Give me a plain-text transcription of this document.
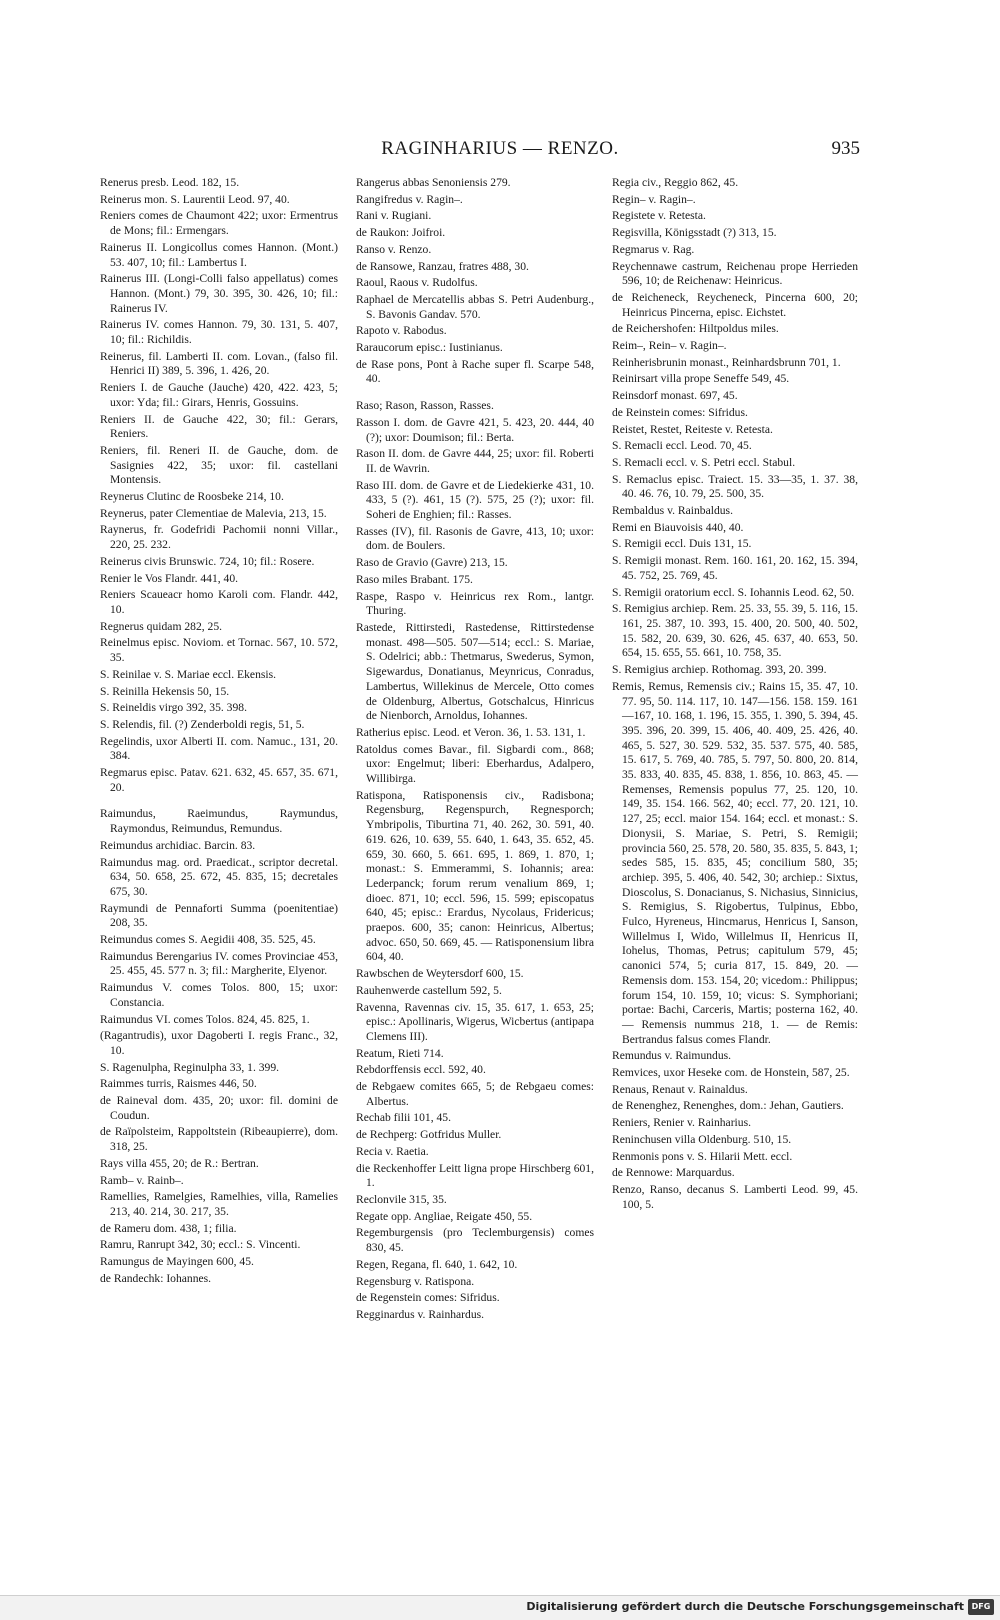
RAGINHARIUS — RENZO.	935
Renerus presb. Leod. 182, 15.
Reinerus mon. S. Laurentii Leod. 97, 40.
Reniers comes de Chaumont 422; uxor: Ermentrus de Mons; fil.: Ermengars.
Rainerus II. Longicollus comes Hannon. (Mont.) 53. 407, 10; fil.: Lambertus I.
Rainerus III. (Longi-Colli falso appellatus) comes Hannon. (Mont.) 79, 30. 395, 30. 426, 10; fil.: Rainerus IV.
Rainerus IV. comes Hannon. 79, 30. 131, 5. 407, 10; fil.: Richildis.
Reinerus, fil. Lamberti II. com. Lovan., (falso fil. Henrici II) 389, 5. 396, 1. 426, 20.
Reniers I. de Gauche (Jauche) 420, 422. 423, 5; uxor: Yda; fil.: Girars, Henris, Gossuins.
Reniers II. de Gauche 422, 30; fil.: Gerars, Reniers.
Reniers, fil. Reneri II. de Gauche, dom. de Sasignies 422, 35; uxor: fil. castellani Montensis.
Reynerus Clutinc de Roosbeke 214, 10.
Reynerus, pater Clementiae de Malevia, 213, 15.
Raynerus, fr. Godefridi Pachomii nonni Villar., 220, 25. 232.
Reinerus civis Brunswic. 724, 10; fil.: Rosere.
Renier le Vos Flandr. 441, 40.
Reniers Scaueacr homo Karoli com. Flandr. 442, 10.
Regnerus quidam 282, 25.
Reinelmus episc. Noviom. et Tornac. 567, 10. 572, 35.
S. Reinilae v. S. Mariae eccl. Ekensis.
S. Reinilla Hekensis 50, 15.
S. Reineldis virgo 392, 35. 398.
S. Relendis, fil. (?) Zenderboldi regis, 51, 5.
Regelindis, uxor Alberti II. com. Namuc., 131, 20. 384.
Regmarus episc. Patav. 621. 632, 45. 657, 35. 671, 20.
Raimundus, Raeimundus, Raymundus, Raymondus, Reimundus, Remundus.
Reimundus archidiac. Barcin. 83.
Raimundus mag. ord. Praedicat., scriptor decretal. 634, 50. 658, 25. 672, 45. 835, 15; decretales 675, 30.
Raymundi de Pennaforti Summa (poenitentiae) 208, 35.
Reimundus comes S. Aegidii 408, 35. 525, 45.
Raimundus Berengarius IV. comes Provinciae 453, 25. 455, 45. 577 n. 3; fil.: Margherite, Elyenor.
Raimundus V. comes Tolos. 800, 15; uxor: Constancia.
Raimundus VI. comes Tolos. 824, 45. 825, 1.
(Ragantrudis), uxor Dagoberti I. regis Franc., 32, 10.
S. Ragenulpha, Reginulpha 33, 1. 399.
Raimmes turris, Raismes 446, 50.
de Raineval dom. 435, 20; uxor: fil. domini de Coudun.
de Raïpolsteim, Rappoltstein (Ribeaupierre), dom. 318, 25.
Rays villa 455, 20; de R.: Bertran.
Ramb– v. Rainb–.
Ramellies, Ramelgies, Ramelhies, villa, Ramelies 213, 40. 214, 30. 217, 35.
de Rameru dom. 438, 1; filia.
Ramru, Ranrupt 342, 30; eccl.: S. Vincenti.
Ramungus de Mayingen 600, 45.
de Randechk: Iohannes.
Rangerus abbas Senoniensis 279.
Rangifredus v. Ragin–.
Rani v. Rugiani.
de Raukon: Joifroi.
Ranso v. Renzo.
de Ransowe, Ranzau, fratres 488, 30.
Raoul, Raous v. Rudolfus.
Raphael de Mercatellis abbas S. Petri Audenburg., S. Bavonis Gandav. 570.
Rapoto v. Rabodus.
Raraucorum episc.: Iustinianus.
de Rase pons, Pont à Rache super fl. Scarpe 548, 40.
Raso; Rason, Rasson, Rasses.
Rasson I. dom. de Gavre 421, 5. 423, 20. 444, 40 (?); uxor: Doumison; fil.: Berta.
Rason II. dom. de Gavre 444, 25; uxor: fil. Roberti II. de Wavrin.
Raso III. dom. de Gavre et de Liedekierke 431, 10. 433, 5 (?). 461, 15 (?). 575, 25 (?); uxor: fil. Soheri de Enghien; fil.: Rasses.
Rasses (IV), fil. Rasonis de Gavre, 413, 10; uxor: dom. de Boulers.
Raso de Gravio (Gavre) 213, 15.
Raso miles Brabant. 175.
Raspe, Raspo v. Heinricus rex Rom., lantgr. Thuring.
Rastede, Rittirstedi, Rastedense, Rittirstedense monast. 498—505. 507—514; eccl.: S. Mariae, S. Odelrici; abb.: Thetmarus, Swederus, Symon, Sigewardus, Donatianus, Meynricus, Conradus, Lambertus, Willekinus de Mercele, Otto comes de Oldenburg, Albertus, Gotschalcus, Hinricus de Nienborch, Arnoldus, Iohannes.
Ratherius episc. Leod. et Veron. 36, 1. 53. 131, 1.
Ratoldus comes Bavar., fil. Sigbardi com., 868; uxor: Engelmut; liberi: Eberhardus, Adalpero, Willibirga.
Ratispona, Ratisponensis civ., Radisbona; Regensburg, Regenspurch, Regnesporch; Ymbripolis, Tiburtina 71, 40. 262, 30. 591, 40. 619. 626, 10. 639, 55. 640, 1. 643, 35. 652, 45. 659, 30. 660, 5. 661. 695, 1. 869, 1. 870, 1; monast.: S. Emmerammi, S. Iohannis; area: Lederpanck; forum rerum venalium 869, 1; dioec. 871, 10; eccl. 596, 15. 599; episcopatus 640, 45; episc.: Erardus, Nycolaus, Fridericus; praepos. 600, 35; canon: Heinricus, Albertus; advoc. 650, 50. 669, 45. — Ratisponensium libra 604, 40.
Rawbschen de Weytersdorf 600, 15.
Rauhenwerde castellum 592, 5.
Ravenna, Ravennas civ. 15, 35. 617, 1. 653, 25; episc.: Apollinaris, Wigerus, Wicbertus (antipapa Clemens III).
Reatum, Rieti 714.
Rebdorffensis eccl. 592, 40.
de Rebgaew comites 665, 5; de Rebgaeu comes: Albertus.
Rechab filii 101, 45.
de Rechperg: Gotfridus Muller.
Recia v. Raetia.
die Reckenhoffer Leitt ligna prope Hirschberg 601, 1.
Reclonvile 315, 35.
Regate opp. Angliae, Reigate 450, 55.
Regemburgensis (pro Teclemburgensis) comes 830, 45.
Regen, Regana, fl. 640, 1. 642, 10.
Regensburg v. Ratispona.
de Regenstein comes: Sifridus.
Regginardus v. Rainhardus.
Regia civ., Reggio 862, 45.
Regin– v. Ragin–.
Registete v. Retesta.
Regisvilla, Königsstadt (?) 313, 15.
Regmarus v. Rag.
Reychennawe castrum, Reichenau prope Herrieden 596, 10; de Reichenaw: Heinricus.
de Reicheneck, Reycheneck, Pincerna 600, 20; Heinricus Pincerna, episc. Eichstet.
de Reichershofen: Hiltpoldus miles.
Reim–, Rein– v. Ragin–.
Reinherisbrunin monast., Reinhardsbrunn 701, 1.
Reinirsart villa prope Seneffe 549, 45.
Reinsdorf monast. 697, 45.
de Reinstein comes: Sifridus.
Reistet, Restet, Reiteste v. Retesta.
S. Remacli eccl. Leod. 70, 45.
S. Remacli eccl. v. S. Petri eccl. Stabul.
S. Remaclus episc. Traiect. 15. 33—35, 1. 37. 38, 40. 46. 76, 10. 79, 25. 500, 35.
Rembaldus v. Rainbaldus.
Remi en Biauvoisis 440, 40.
S. Remigii eccl. Duis 131, 15.
S. Remigii monast. Rem. 160. 161, 20. 162, 15. 394, 45. 752, 25. 769, 45.
S. Remigii oratorium eccl. S. Iohannis Leod. 62, 50.
S. Remigius archiep. Rem. 25. 33, 55. 39, 5. 116, 15. 161, 25. 387, 10. 393, 15. 400, 20. 500, 40. 502, 15. 582, 20. 639, 30. 626, 45. 637, 40. 653, 50. 654, 15. 655, 55. 661, 10. 758, 35.
S. Remigius archiep. Rothomag. 393, 20. 399.
Remis, Remus, Remensis civ.; Rains 15, 35. 47, 10. 77. 95, 50. 114. 117, 10. 147—156. 158. 159. 161—167, 10. 168, 1. 196, 15. 355, 1. 390, 5. 394, 45. 395. 396, 20. 399, 15. 406, 40. 409, 25. 426, 40. 465, 5. 527, 30. 529. 532, 35. 537. 575, 40. 585, 15. 617, 5. 769, 40. 785, 5. 797, 50. 800, 20. 814, 35. 833, 40. 835, 45. 838, 1. 856, 10. 863, 45. — Remenses, Remensis populus 77, 25. 120, 10. 149, 35. 154. 166. 562, 40; eccl. 77, 20. 121, 10. 127, 25; eccl. maior 154. 164; eccl. et monast.: S. Dionysii, S. Mariae, S. Petri, S. Remigii; provincia 560, 25. 578, 20. 580, 35. 835, 5. 843, 1; sedes 585, 15. 835, 45; concilium 580, 35; archiep. 395, 5. 406, 40. 542, 30; archiep.: Sixtus, Dioscolus, S. Donacianus, S. Nichasius, Sinnicius, S. Remigius, S. Rigobertus, Tulpinus, Ebbo, Fulco, Hyreneus, Hincmarus, Henricus I, Sanson, Willelmus I, Wido, Willelmus II, Henricus II, Iohelus, Thomas, Petrus; capitulum 579, 45; canonici 574, 5; curia 817, 15. 849, 20. — Remensis dom. 153. 154, 20; vicedom.: Philippus; forum 154, 10. 159, 10; vicus: S. Symphoriani; portae: Bachi, Carceris, Martis; posterna 162, 40. — Remensis nummus 218, 1. — de Remis: Bertrandus falsus comes Flandr.
Remundus v. Raimundus.
Remvices, uxor Heseke com. de Honstein, 587, 25.
Renaus, Renaut v. Rainaldus.
de Renenghez, Renenghes, dom.: Jehan, Gautiers.
Reniers, Renier v. Rainharius.
Reninchusen villa Oldenburg. 510, 15.
Renmonis pons v. S. Hilarii Mett. eccl.
de Rennowe: Marquardus.
Renzo, Ranso, decanus S. Lamberti Leod. 99, 45. 100, 5.
Digitalisierung gefördert durch die Deutsche Forschungsgemeinschaft DFG
